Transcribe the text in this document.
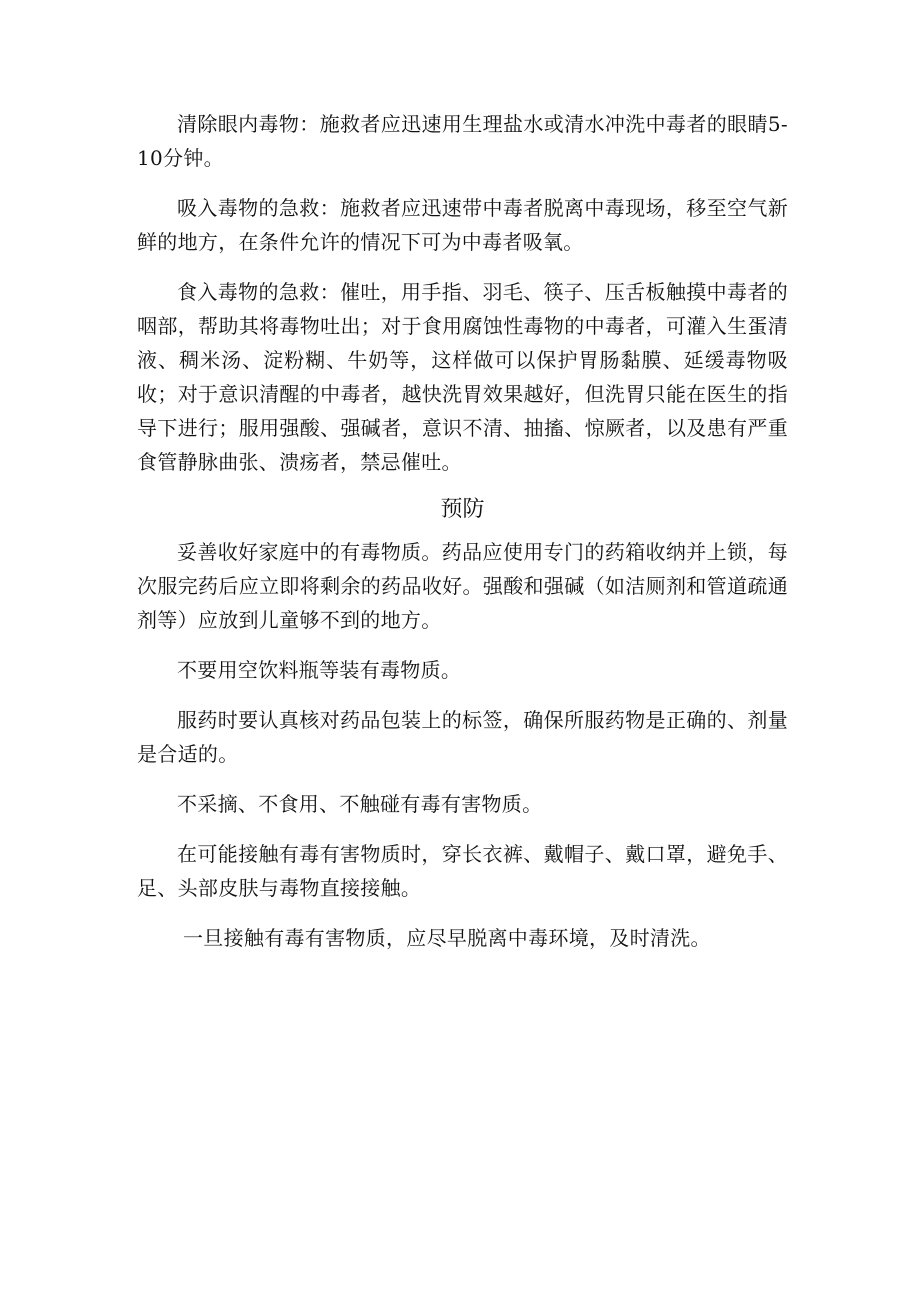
清除眼内毒物：施救者应迅速用生理盐水或清水冲洗中毒者的眼睛5-10分钟。

吸入毒物的急救：施救者应迅速带中毒者脱离中毒现场，移至空气新鲜的地方，在条件允许的情况下可为中毒者吸氧。

食入毒物的急救：催吐，用手指、羽毛、筷子、压舌板触摸中毒者的咽部，帮助其将毒物吐出；对于食用腐蚀性毒物的中毒者，可灌入生蛋清液、稠米汤、淀粉糊、牛奶等，这样做可以保护胃肠黏膜、延缓毒物吸收；对于意识清醒的中毒者，越快洗胃效果越好，但洗胃只能在医生的指导下进行；服用强酸、强碱者，意识不清、抽搐、惊厥者，以及患有严重食管静脉曲张、溃疡者，禁忌催吐。

预防

妥善收好家庭中的有毒物质。药品应使用专门的药箱收纳并上锁，每次服完药后应立即将剩余的药品收好。强酸和强碱（如洁厕剂和管道疏通剂等）应放到儿童够不到的地方。

不要用空饮料瓶等装有毒物质。

服药时要认真核对药品包装上的标签，确保所服药物是正确的、剂量是合适的。

不采摘、不食用、不触碰有毒有害物质。

在可能接触有毒有害物质时，穿长衣裤、戴帽子、戴口罩，避免手、足、头部皮肤与毒物直接接触。

一旦接触有毒有害物质，应尽早脱离中毒环境，及时清洗。
